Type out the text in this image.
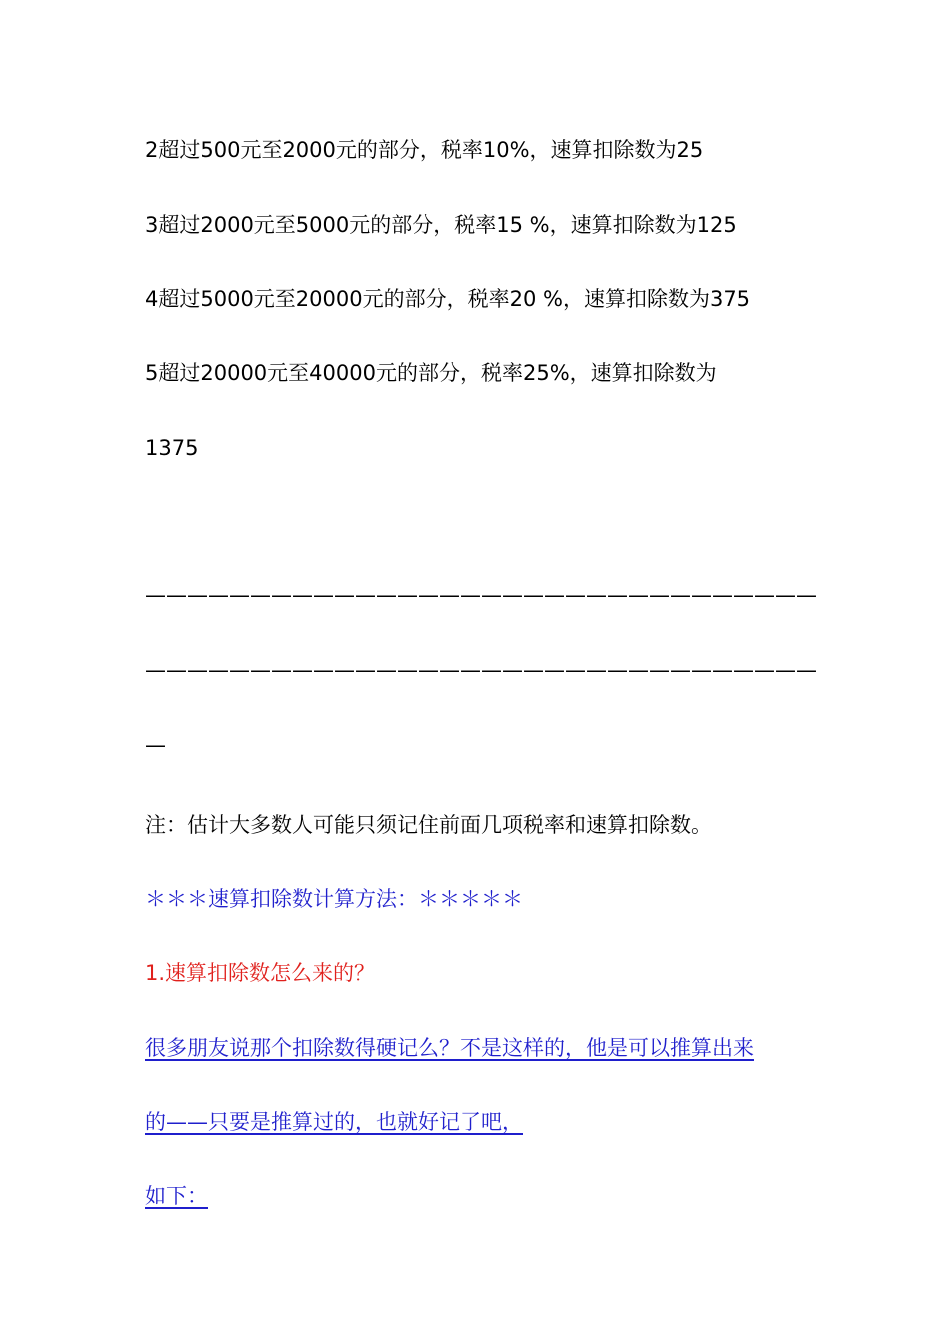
2超过500元至2000元的部分，税率10%，速算扣除数为25
3超过2000元至5000元的部分，税率15 %，速算扣除数为125
4超过5000元至20000元的部分，税率20 %，速算扣除数为375
5超过20000元至40000元的部分，税率25%，速算扣除数为
1375
————————————————————————————————
————————————————————————————————
—
注：估计大多数人可能只须记住前面几项税率和速算扣除数。
＊＊＊速算扣除数计算方法：＊＊＊＊＊
1.速算扣除数怎么来的？
很多朋友说那个扣除数得硬记么？不是这样的，他是可以推算出来
的——只要是推算过的，也就好记了吧，
如下：
